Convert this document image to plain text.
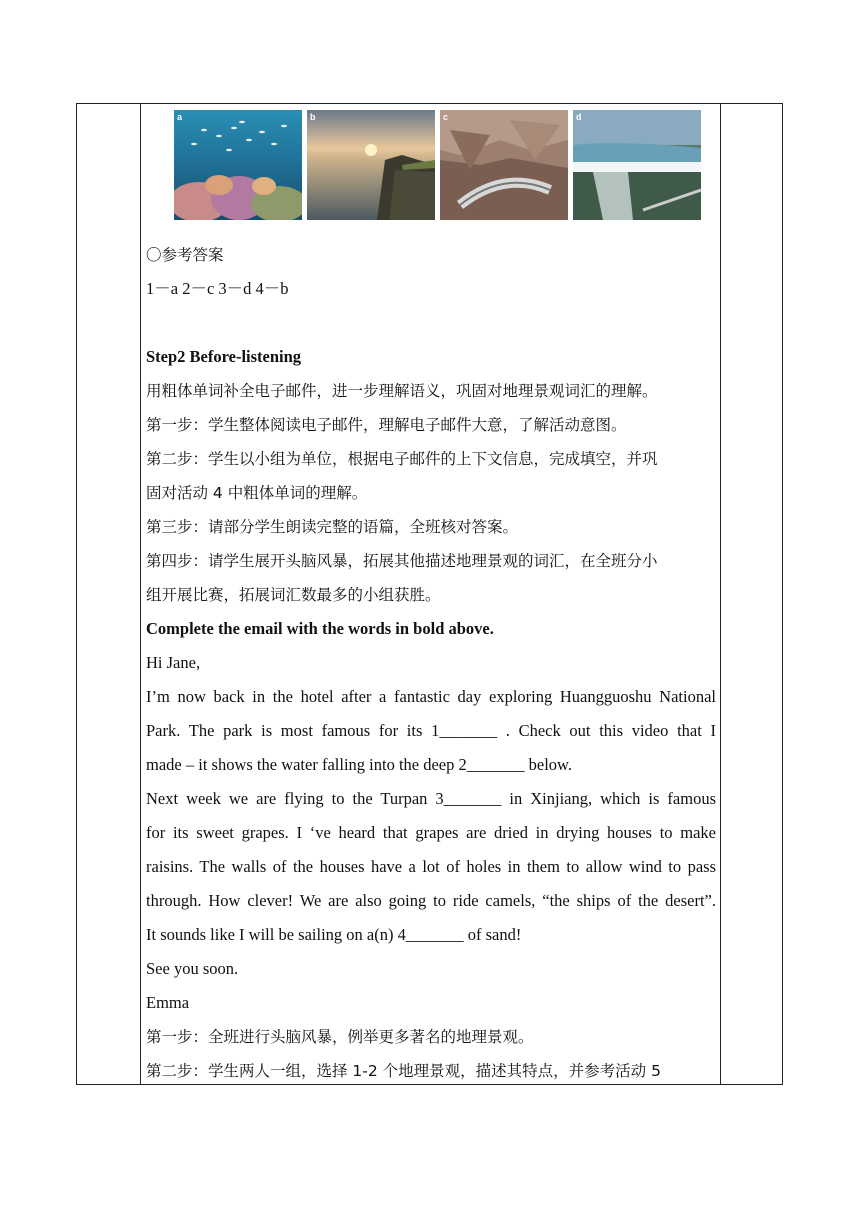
a	b	c	d
〇参考答案
1－a 2－c 3－d 4－b
Step2 Before-listening
用粗体单词补全电子邮件，进一步理解语义，巩固对地理景观词汇的理解。
第一步：学生整体阅读电子邮件，理解电子邮件大意，了解活动意图。
第二步：学生以小组为单位，根据电子邮件的上下文信息，完成填空，并巩
固对活动 4 中粗体单词的理解。
第三步：请部分学生朗读完整的语篇，全班核对答案。
第四步：请学生展开头脑风暴，拓展其他描述地理景观的词汇，在全班分小
组开展比赛，拓展词汇数最多的小组获胜。
Complete the email with the words in bold above.
Hi Jane,
I’m now back in the hotel after a fantastic day exploring Huangguoshu National
Park. The park is most famous for its 1_______ . Check out this video that I
made – it shows the water falling into the deep 2_______ below.
Next week we are flying to the Turpan 3_______ in Xinjiang, which is famous
for its sweet grapes. I ‘ve heard that grapes are dried in drying houses to make
raisins. The walls of the houses have a lot of holes in them to allow wind to pass
through. How clever! We are also going to ride camels, “the ships of the desert”.
It sounds like I will be sailing on a(n) 4_______ of sand!
See you soon.
Emma
第一步：全班进行头脑风暴，例举更多著名的地理景观。
第二步：学生两人一组，选择 1-2 个地理景观，描述其特点，并参考活动 5
